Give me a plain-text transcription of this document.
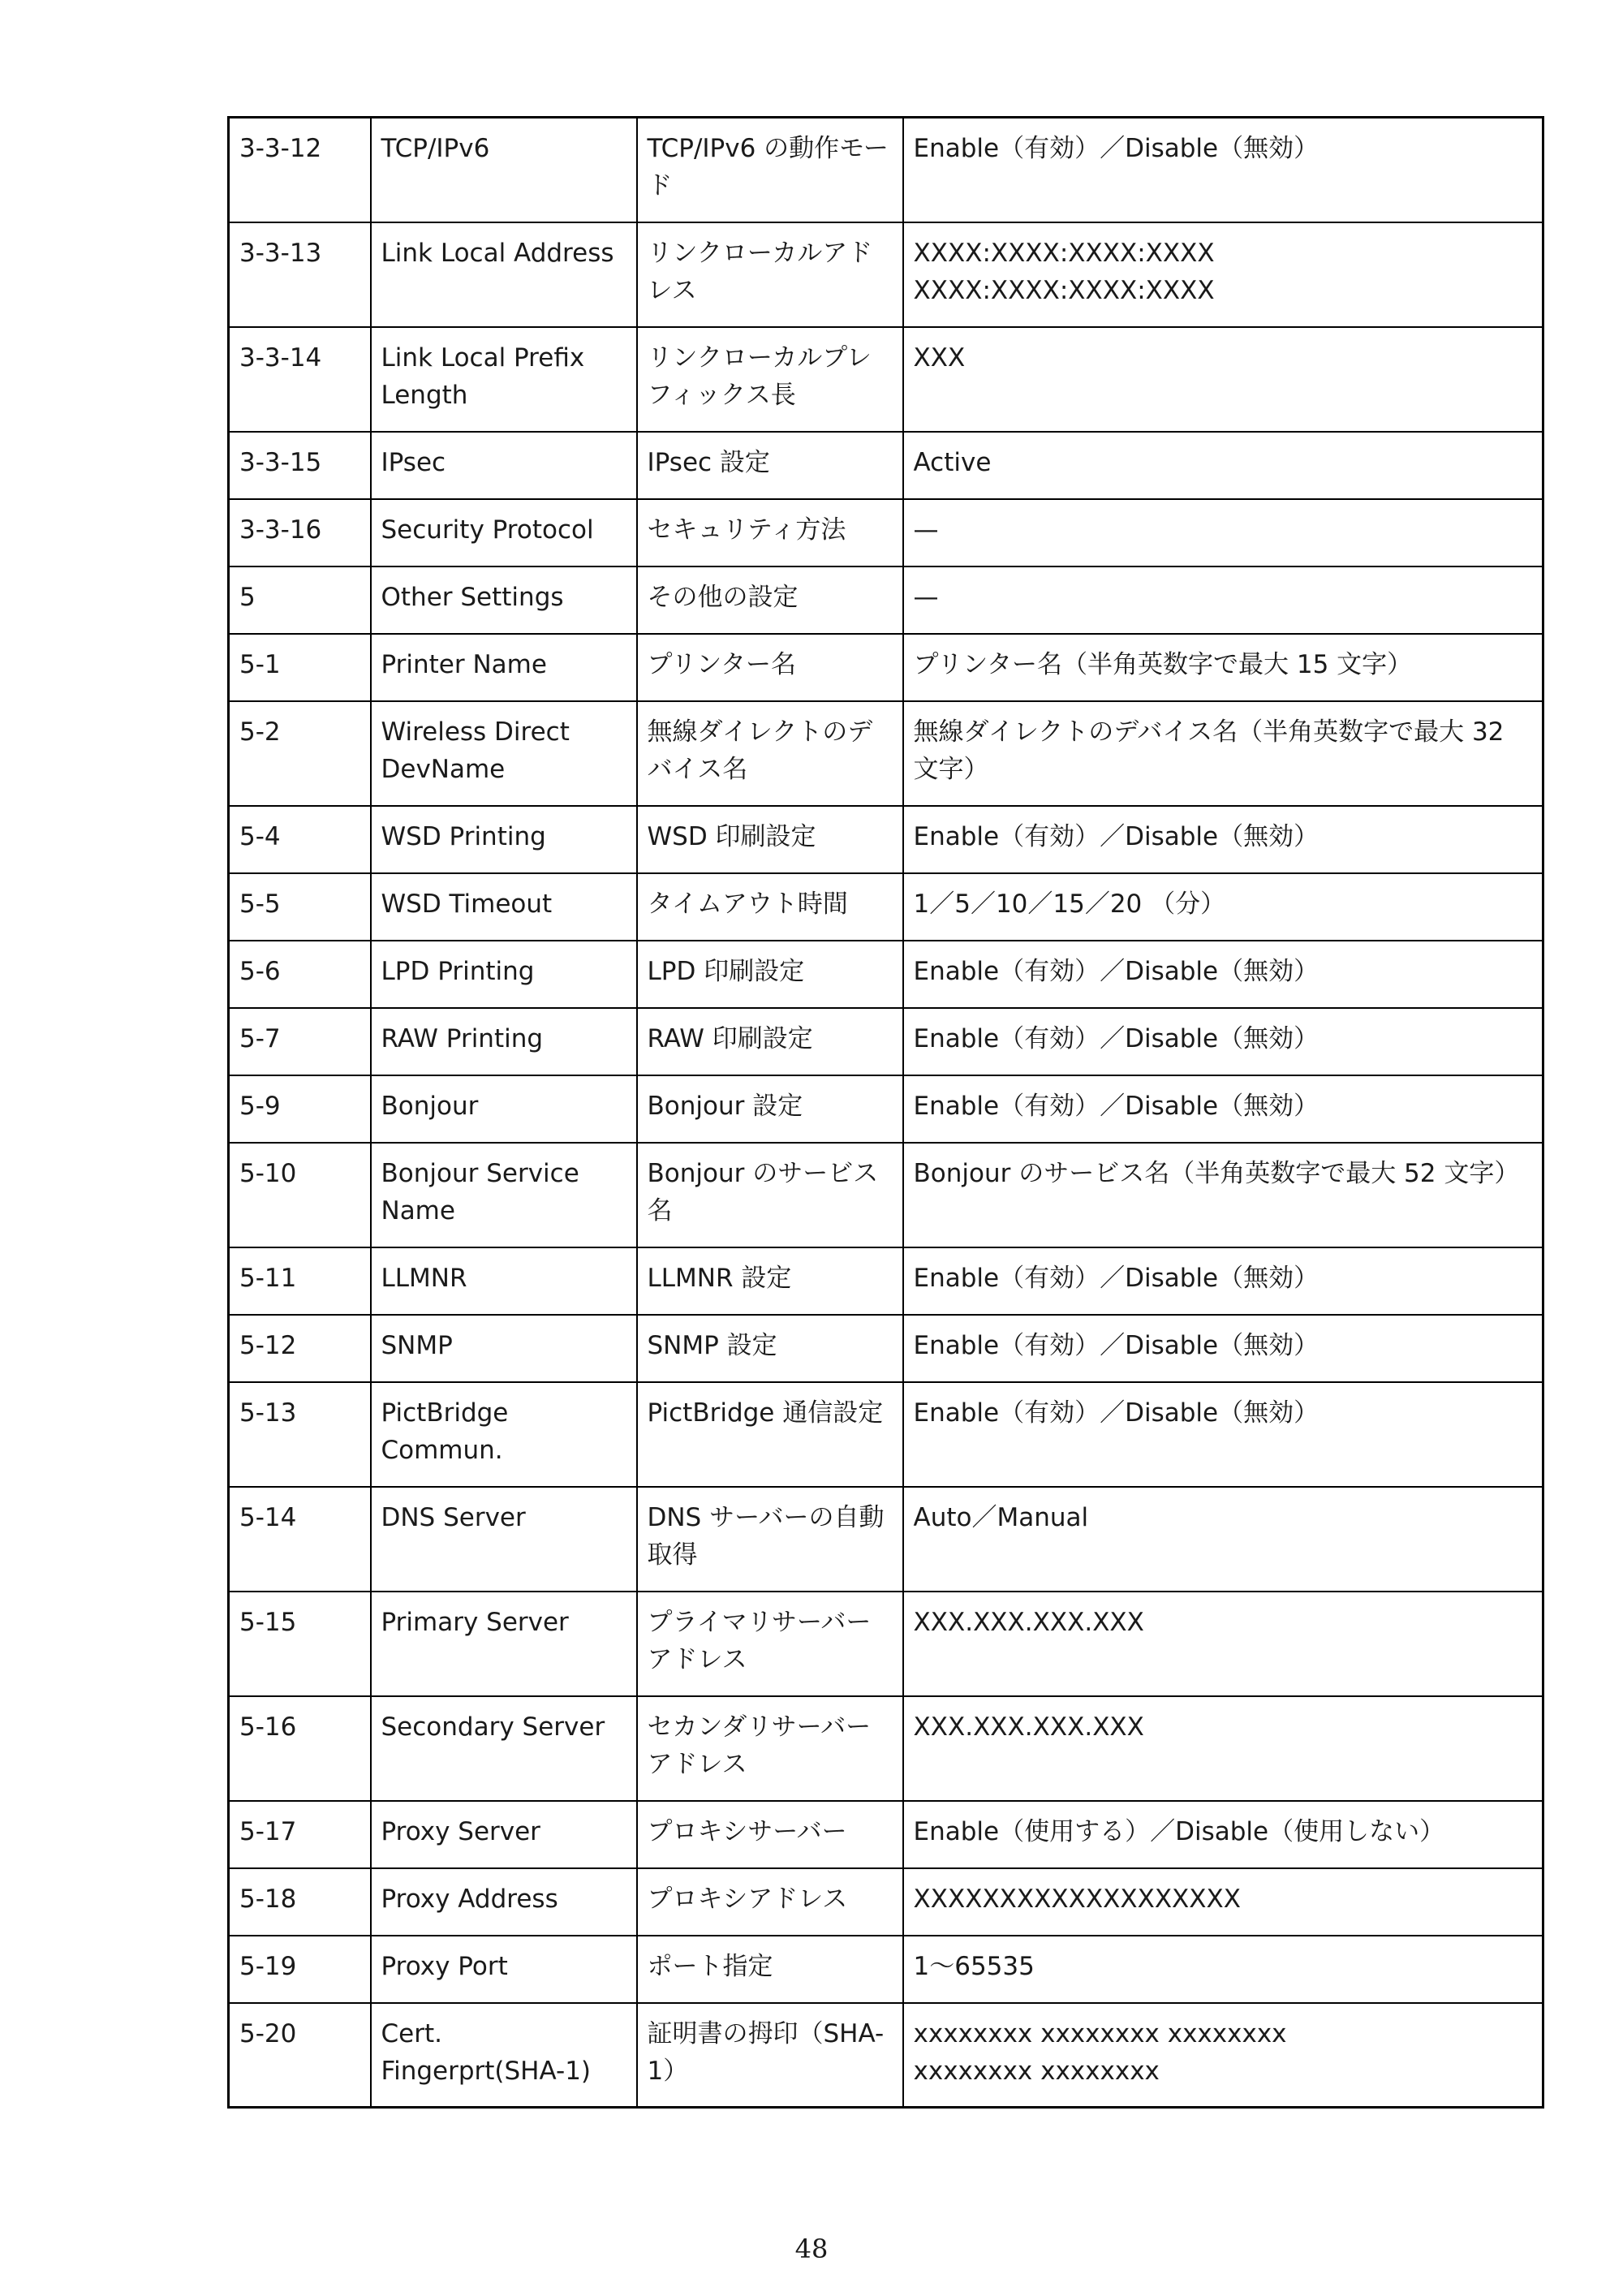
3-3-12	TCP/IPv6	TCP/IPv6 の動作モード	Enable（有効）／Disable（無効）

3-3-13	Link Local Address	リンクローカルアドレス	XXXX:XXXX:XXXX:XXXX
XXXX:XXXX:XXXX:XXXX

3-3-14	Link Local Prefix Length	リンクローカルプレフィックス長	XXX

3-3-15	IPsec	IPsec 設定	Active

3-3-16	Security Protocol	セキュリティ方法	—

5	Other Settings	その他の設定	—

5-1	Printer Name	プリンター名	プリンター名（半角英数字で最大 15 文字）

5-2	Wireless Direct DevName	無線ダイレクトのデバイス名	無線ダイレクトのデバイス名（半角英数字で最大 32 文字）

5-4	WSD Printing	WSD 印刷設定	Enable（有効）／Disable（無効）

5-5	WSD Timeout	タイムアウト時間	1／5／10／15／20 （分）

5-6	LPD Printing	LPD 印刷設定	Enable（有効）／Disable（無効）

5-7	RAW Printing	RAW 印刷設定	Enable（有効）／Disable（無効）

5-9	Bonjour	Bonjour 設定	Enable（有効）／Disable（無効）

5-10	Bonjour Service Name	Bonjour のサービス名	Bonjour のサービス名（半角英数字で最大 52 文字）

5-11	LLMNR	LLMNR 設定	Enable（有効）／Disable（無効）

5-12	SNMP	SNMP 設定	Enable（有効）／Disable（無効）

5-13	PictBridge Commun.	PictBridge 通信設定	Enable（有効）／Disable（無効）

5-14	DNS Server	DNS サーバーの自動取得	Auto／Manual

5-15	Primary Server	プライマリサーバーアドレス	XXX.XXX.XXX.XXX

5-16	Secondary Server	セカンダリサーバーアドレス	XXX.XXX.XXX.XXX

5-17	Proxy Server	プロキシサーバー	Enable（使用する）／Disable（使用しない）

5-18	Proxy Address	プロキシアドレス	XXXXXXXXXXXXXXXXXXX

5-19	Proxy Port	ポート指定	1～65535

5-20	Cert. Fingerprt(SHA-1)	証明書の拇印（SHA-1）	xxxxxxxx xxxxxxxx xxxxxxxx
xxxxxxxx xxxxxxxx
48
